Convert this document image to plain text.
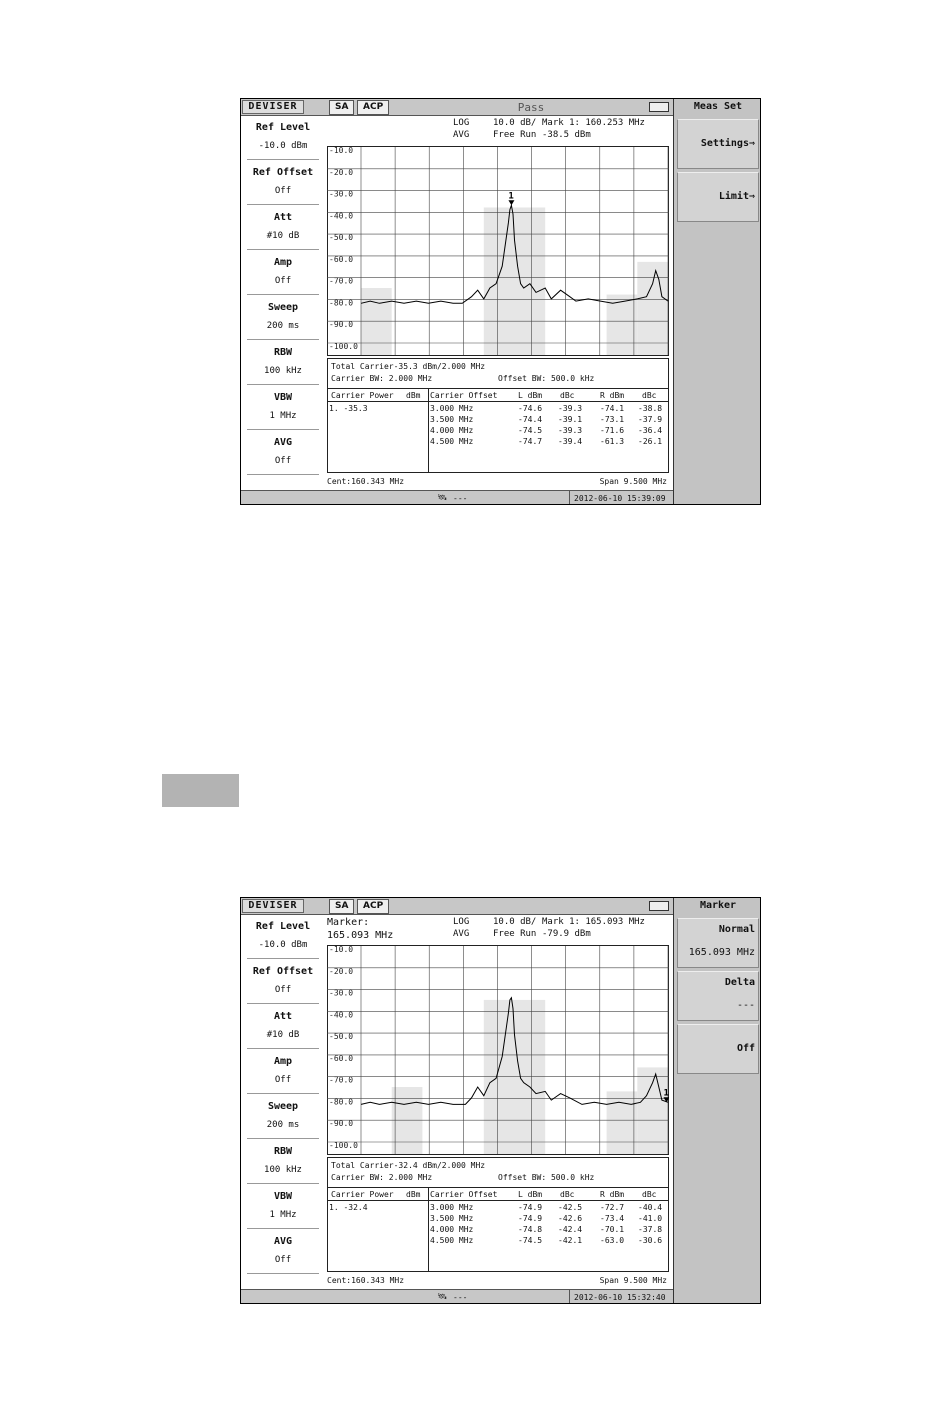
DEVISER	SA	ACP	Pass
Ref Level
-10.0 dBm
Ref Offset
Off
Att
#10 dB
Amp
Off
Sweep
200 ms
RBW
100 kHz
VBW
1 MHz
AVG
Off
LOG	10.0 dB/ Mark 1: 160.253 MHz
AVG	Free Run -38.5 dBm
-10.0
-20.0
-30.0
-40.0
-50.0
-60.0
-70.0
-80.0
-90.0
-100.0
1
Total Carrier-35.3 dBm/2.000 MHz
Carrier BW: 2.000 MHz	Offset BW: 500.0 kHz
Carrier Power dBm Carrier Offset	L dBm dBc	R dBm dBc
1. -35.3	3.000 MHz	-74.6 -39.3 -74.1 -38.8
3.500 MHz	-74.4 -39.1 -73.1 -37.9
4.000 MHz	-74.5 -39.3 -71.6 -36.4
4.500 MHz	-74.7 -39.4 -61.3 -26.1
Cent:160.343 MHz	Span 9.500 MHz
🛰 ---	2012-06-10 15:39:09
Meas Set
Settings⇒
Limit⇒
DEVISER	SA	ACP
Ref Level
-10.0 dBm
Ref Offset
Off
Att
#10 dB
Amp
Off
Sweep
200 ms
RBW
100 kHz
VBW
1 MHz
AVG
Off
Marker:
165.093 MHz
LOG	10.0 dB/ Mark 1: 165.093 MHz
AVG	Free Run -79.9 dBm
-10.0
-20.0
-30.0
-40.0
-50.0
-60.0
-70.0
-80.0
-90.0
-100.0
1
Total Carrier-32.4 dBm/2.000 MHz
Carrier BW: 2.000 MHz	Offset BW: 500.0 kHz
Carrier Power dBm Carrier Offset	L dBm dBc	R dBm dBc
1. -32.4	3.000 MHz	-74.9 -42.5 -72.7 -40.4
3.500 MHz	-74.9 -42.6 -73.4 -41.0
4.000 MHz	-74.8 -42.4 -70.1 -37.8
4.500 MHz	-74.5 -42.1 -63.0 -30.6
Cent:160.343 MHz	Span 9.500 MHz
🛰 ---	2012-06-10 15:32:40
Marker
Normal
165.093 MHz
Delta
---
Off
